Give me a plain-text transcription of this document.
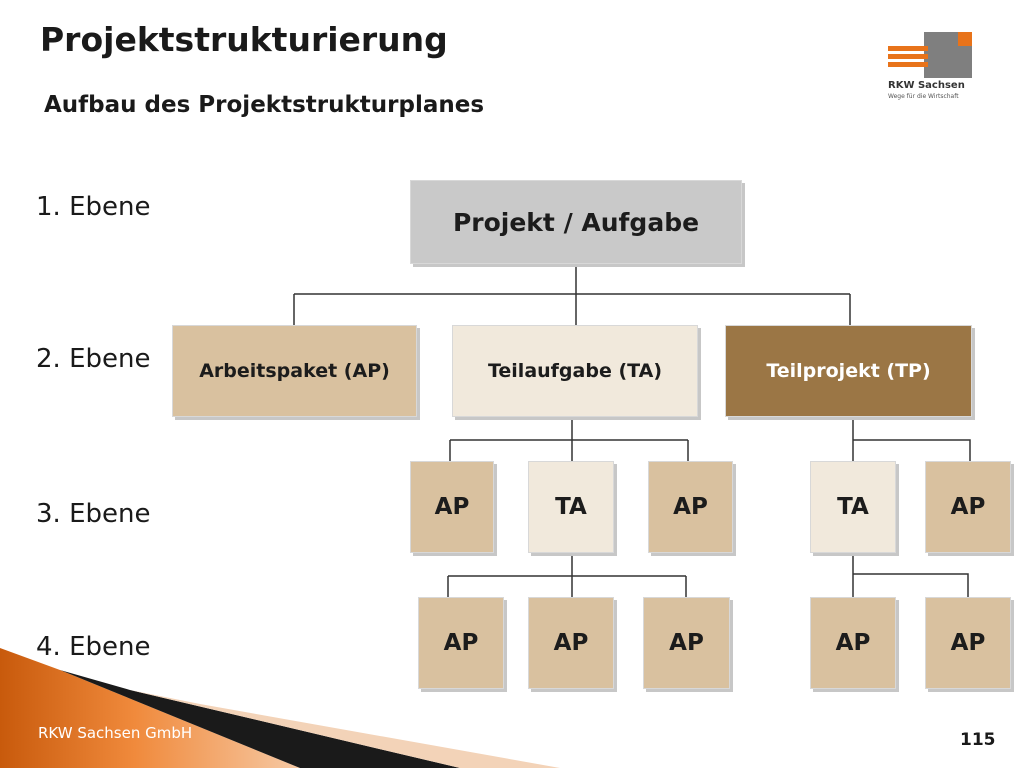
Projektstrukturierung
Aufbau des Projektstrukturplanes
RKW Sachsen
Wege für die Wirtschaft
1. Ebene
2. Ebene
3. Ebene
4. Ebene
Projekt / Aufgabe
Arbeitspaket (AP)	Teilaufgabe (TA)	Teilprojekt (TP)
AP	TA	AP	TA	AP
AP	AP	AP	AP	AP
RKW Sachsen GmbH	115
